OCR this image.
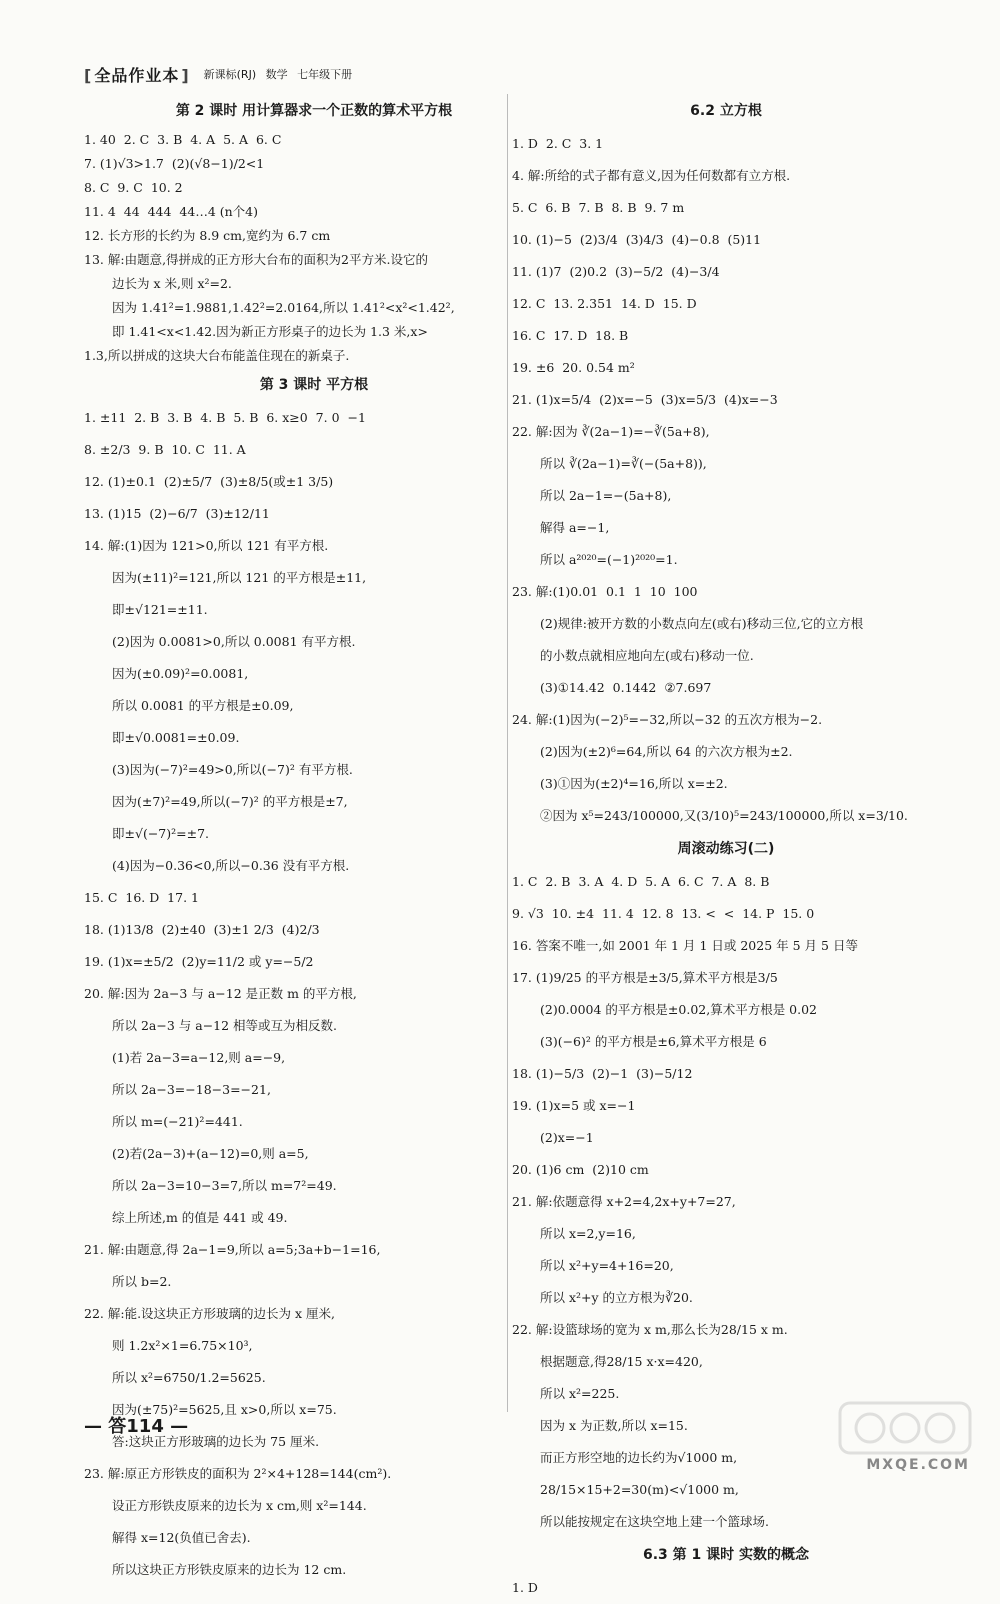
[ 全品作业本 ]	新课标(RJ) 数学 七年级下册
第 2 课时 用计算器求一个正数的算术平方根
1. 40  2. C  3. B  4. A  5. A  6. C
7. (1)√3>1.7  (2)(√8−1)/2<1
8. C  9. C  10. 2
11. 4  44  444  44…4 (n个4)
12. 长方形的长约为 8.9 cm,宽约为 6.7 cm
13. 解:由题意,得拼成的正方形大台布的面积为2平方米.设它的
边长为 x 米,则 x²=2.
因为 1.41²=1.9881,1.42²=2.0164,所以 1.41²<x²<1.42²,
即 1.41<x<1.42.因为新正方形桌子的边长为 1.3 米,x>
1.3,所以拼成的这块大台布能盖住现在的新桌子.
第 3 课时 平方根
1. ±11  2. B  3. B  4. B  5. B  6. x≥0  7. 0  −1
8. ±2/3  9. B  10. C  11. A
12. (1)±0.1  (2)±5/7  (3)±8/5(或±1 3/5)
13. (1)15  (2)−6/7  (3)±12/11
14. 解:(1)因为 121>0,所以 121 有平方根.
因为(±11)²=121,所以 121 的平方根是±11,
即±√121=±11.
(2)因为 0.0081>0,所以 0.0081 有平方根.
因为(±0.09)²=0.0081,
所以 0.0081 的平方根是±0.09,
即±√0.0081=±0.09.
(3)因为(−7)²=49>0,所以(−7)² 有平方根.
因为(±7)²=49,所以(−7)² 的平方根是±7,
即±√(−7)²=±7.
(4)因为−0.36<0,所以−0.36 没有平方根.
15. C  16. D  17. 1
18. (1)13/8  (2)±40  (3)±1 2/3  (4)2/3
19. (1)x=±5/2  (2)y=11/2 或 y=−5/2
20. 解:因为 2a−3 与 a−12 是正数 m 的平方根,
所以 2a−3 与 a−12 相等或互为相反数.
(1)若 2a−3=a−12,则 a=−9,
所以 2a−3=−18−3=−21,
所以 m=(−21)²=441.
(2)若(2a−3)+(a−12)=0,则 a=5,
所以 2a−3=10−3=7,所以 m=7²=49.
综上所述,m 的值是 441 或 49.
21. 解:由题意,得 2a−1=9,所以 a=5;3a+b−1=16,
所以 b=2.
22. 解:能.设这块正方形玻璃的边长为 x 厘米,
则 1.2x²×1=6.75×10³,
所以 x²=6750/1.2=5625.
因为(±75)²=5625,且 x>0,所以 x=75.
答:这块正方形玻璃的边长为 75 厘米.
23. 解:原正方形铁皮的面积为 2²×4+128=144(cm²).
设正方形铁皮原来的边长为 x cm,则 x²=144.
解得 x=12(负值已舍去).
所以这块正方形铁皮原来的边长为 12 cm.
6.2 立方根
1. D  2. C  3. 1
4. 解:所给的式子都有意义,因为任何数都有立方根.
5. C  6. B  7. B  8. B  9. 7 m
10. (1)−5  (2)3/4  (3)4/3  (4)−0.8  (5)11
11. (1)7  (2)0.2  (3)−5/2  (4)−3/4
12. C  13. 2.351  14. D  15. D
16. C  17. D  18. B
19. ±6  20. 0.54 m²
21. (1)x=5/4  (2)x=−5  (3)x=5/3  (4)x=−3
22. 解:因为 ∛(2a−1)=−∛(5a+8),
所以 ∛(2a−1)=∛(−(5a+8)),
所以 2a−1=−(5a+8),
解得 a=−1,
所以 a²⁰²⁰=(−1)²⁰²⁰=1.
23. 解:(1)0.01  0.1  1  10  100
(2)规律:被开方数的小数点向左(或右)移动三位,它的立方根
的小数点就相应地向左(或右)移动一位.
(3)①14.42  0.1442  ②7.697
24. 解:(1)因为(−2)⁵=−32,所以−32 的五次方根为−2.
(2)因为(±2)⁶=64,所以 64 的六次方根为±2.
(3)①因为(±2)⁴=16,所以 x=±2.
②因为 x⁵=243/100000,又(3/10)⁵=243/100000,所以 x=3/10.
周滚动练习(二)
1. C  2. B  3. A  4. D  5. A  6. C  7. A  8. B
9. √3  10. ±4  11. 4  12. 8  13. <  <  14. P  15. 0
16. 答案不唯一,如 2001 年 1 月 1 日或 2025 年 5 月 5 日等
17. (1)9/25 的平方根是±3/5,算术平方根是3/5
(2)0.0004 的平方根是±0.02,算术平方根是 0.02
(3)(−6)² 的平方根是±6,算术平方根是 6
18. (1)−5/3  (2)−1  (3)−5/12
19. (1)x=5 或 x=−1
(2)x=−1
20. (1)6 cm  (2)10 cm
21. 解:依题意得 x+2=4,2x+y+7=27,
所以 x=2,y=16,
所以 x²+y=4+16=20,
所以 x²+y 的立方根为∛20.
22. 解:设篮球场的宽为 x m,那么长为28/15 x m.
根据题意,得28/15 x·x=420,
所以 x²=225.
因为 x 为正数,所以 x=15.
而正方形空地的边长约为√1000 m,
28/15×15+2=30(m)<√1000 m,
所以能按规定在这块空地上建一个篮球场.
6.3 第 1 课时 实数的概念
1. D
— 答114 —
MXQE.COM
